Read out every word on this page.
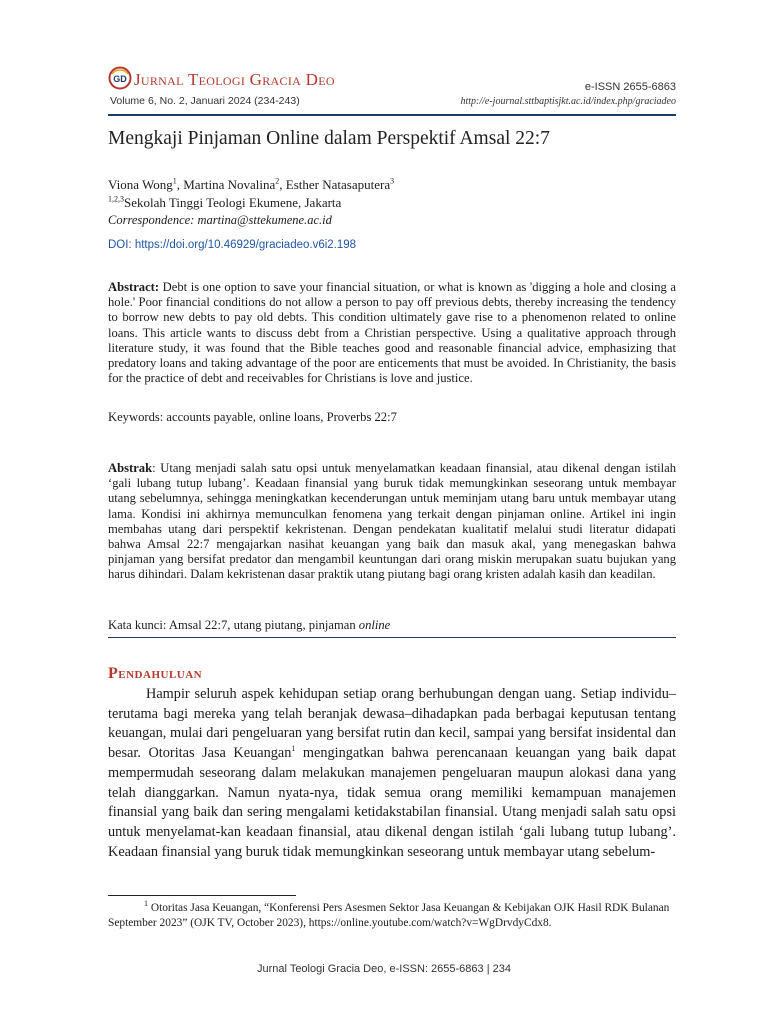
GD Jurnal Teologi Gracia Deo	e-ISSN 2655-6863
Volume 6, No. 2, Januari 2024 (234-243)	http://e-journal.sttbaptisjkt.ac.id/index.php/graciadeo
Mengkaji Pinjaman Online dalam Perspektif Amsal 22:7
Viona Wong$^1$, Martina Novalina$^2$, Esther Natasaputera$^3$
$^{1,2,3}$Sekolah Tinggi Teologi Ekumene, Jakarta
Correspondence: martina@sttekumene.ac.id
DOI: https://doi.org/10.46929/graciadeo.v6i2.198

Abstract: Debt is one option to save your financial situation, or what is known as 'digging a hole and closing a hole.' Poor financial conditions do not allow a person to pay off previous debts, thereby increasing the tendency to borrow new debts to pay old debts. This condition ultimately gave rise to a phenomenon related to online loans. This article wants to discuss debt from a Christian perspective. Using a qualitative approach through literature study, it was found that the Bible teaches good and reasonable financial advice, emphasizing that predatory loans and taking advantage of the poor are enticements that must be avoided. In Christianity, the basis for the practice of debt and receivables for Christians is love and justice.

Keywords: accounts payable, online loans, Proverbs 22:7

Abstrak: Utang menjadi salah satu opsi untuk menyelamatkan keadaan finansial, atau dikenal dengan istilah ‘gali lubang tutup lubang’. Keadaan finansial yang buruk tidak memungkinkan seseorang untuk membayar utang sebelumnya, sehingga meningkatkan kecenderungan untuk meminjam utang baru untuk membayar utang lama. Kondisi ini akhirnya memunculkan fenomena yang terkait dengan pinjaman online. Artikel ini ingin membahas utang dari perspektif kekristenan. Dengan pendekatan kualitatif melalui studi literatur didapati bahwa Amsal 22:7 mengajarkan nasihat keuangan yang baik dan masuk akal, yang menegaskan bahwa pinjaman yang bersifat predator dan mengambil keuntungan dari orang miskin merupakan suatu bujukan yang harus dihindari. Dalam kekristenan dasar praktik utang piutang bagi orang kristen adalah kasih dan keadilan.

Kata kunci: Amsal 22:7, utang piutang, pinjaman online
Pendahuluan

Hampir seluruh aspek kehidupan setiap orang berhubungan dengan uang. Setiap individu–terutama bagi mereka yang telah beranjak dewasa–dihadapkan pada berbagai keputusan tentang keuangan, mulai dari pengeluaran yang bersifat rutin dan kecil, sampai yang bersifat insidental dan besar. Otoritas Jasa Keuangan$^1$ mengingatkan bahwa perencanaan keuangan yang baik dapat mempermudah seseorang dalam melakukan manajemen pengeluaran maupun alokasi dana yang telah dianggarkan. Namun nyata-nya, tidak semua orang memiliki kemampuan manajemen finansial yang baik dan sering mengalami ketidakstabilan finansial. Utang menjadi salah satu opsi untuk menyelamat-kan keadaan finansial, atau dikenal dengan istilah ‘gali lubang tutup lubang’. Keadaan finansial yang buruk tidak memungkinkan seseorang untuk membayar utang sebelum-

$^1$ Otoritas Jasa Keuangan, “Konferensi Pers Asesmen Sektor Jasa Keuangan & Kebijakan OJK Hasil RDK Bulanan September 2023” (OJK TV, October 2023), https://online.youtube.com/watch?v=WgDrvdyCdx8.

Jurnal Teologi Gracia Deo, e-ISSN: 2655-6863 | 234
